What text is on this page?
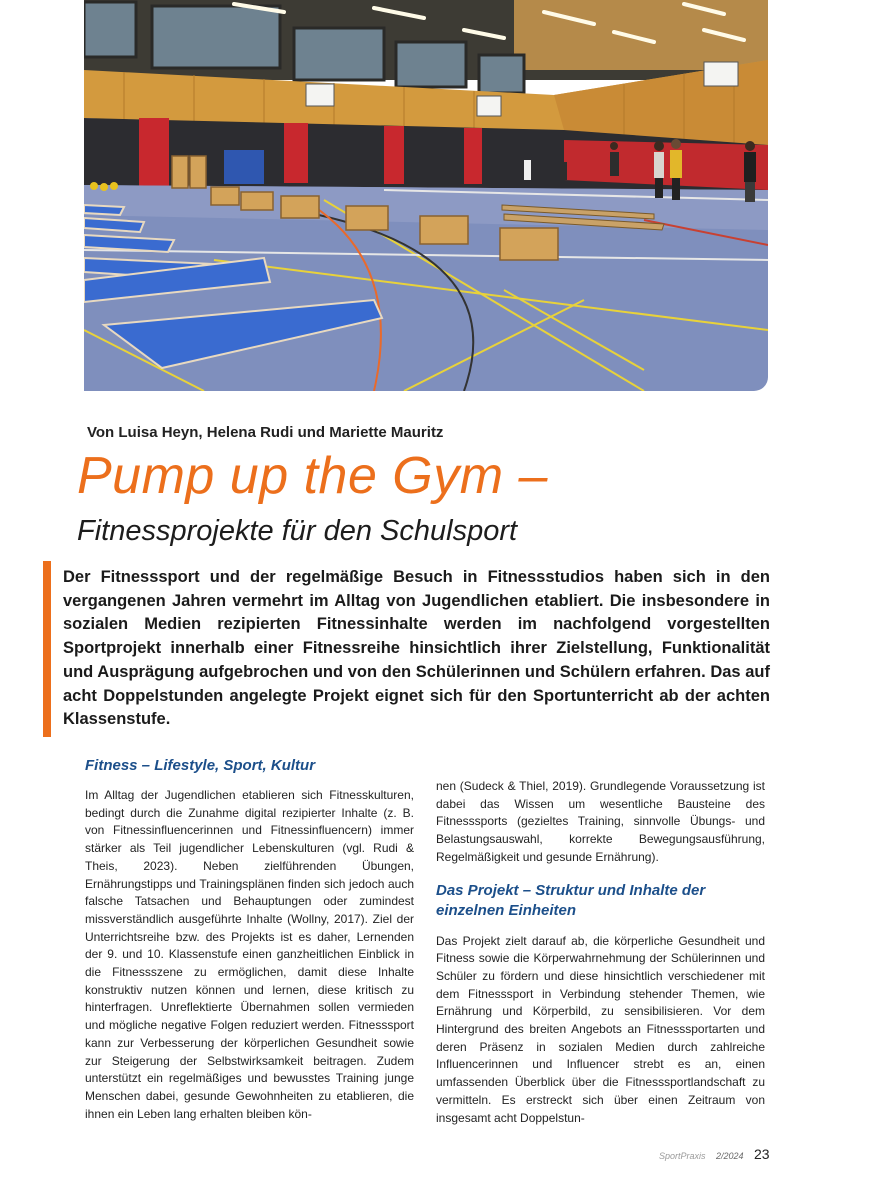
Von Luisa Heyn, Helena Rudi und Mariette Mauritz
Pump up the Gym –
Fitnessprojekte für den Schulsport

Der Fitnesssport und der regelmäßige Besuch in Fitnessstudios haben sich in den vergangenen Jahren vermehrt im Alltag von Jugendlichen etabliert. Die insbesondere in sozialen Medien rezipierten Fitnessinhalte werden im nachfolgend vorgestellten Sportprojekt innerhalb einer Fitnessreihe hinsichtlich ihrer Zielstellung, Funktionalität und Ausprägung aufgebrochen und von den Schülerinnen und Schülern erfahren. Das auf acht Doppelstunden angelegte Projekt eignet sich für den Sportunterricht ab der achten Klassenstufe.

Fitness – Lifestyle, Sport, Kultur

Im Alltag der Jugendlichen etablieren sich Fitnesskulturen, bedingt durch die Zunahme digital rezipierter Inhalte (z. B. von Fitnessinfluencerinnen und Fitnessinfluencern) immer stärker als Teil jugendlicher Lebenskulturen (vgl. Rudi & Theis, 2023). Neben zielführenden Übungen, Ernährungstipps und Trainingsplänen finden sich jedoch auch falsche Tatsachen und Behauptungen oder zumindest missverständlich ausgeführte Inhalte (Wollny, 2017). Ziel der Unterrichtsreihe bzw. des Projekts ist es daher, Lernenden der 9. und 10. Klassenstufe einen ganzheitlichen Einblick in die Fitnessszene zu ermöglichen, damit diese Inhalte konstruktiv nutzen können und lernen, diese kritisch zu hinterfragen. Unreflektierte Übernahmen sollen vermieden und mögliche negative Folgen reduziert werden. Fitnesssport kann zur Verbesserung der körperlichen Gesundheit sowie zur Steigerung der Selbstwirksamkeit beitragen. Zudem unterstützt ein regelmäßiges und bewusstes Training junge Menschen dabei, gesunde Gewohnheiten zu etablieren, die ihnen ein Leben lang erhalten bleiben kön-

nen (Sudeck & Thiel, 2019). Grundlegende Voraussetzung ist dabei das Wissen um wesentliche Bausteine des Fitnesssports (gezieltes Training, sinnvolle Übungs- und Belastungsauswahl, korrekte Bewegungsausführung, Regelmäßigkeit und gesunde Ernährung).

Das Projekt – Struktur und Inhalte der einzelnen Einheiten

Das Projekt zielt darauf ab, die körperliche Gesundheit und Fitness sowie die Körperwahrnehmung der Schülerinnen und Schüler zu fördern und diese hinsichtlich verschiedener mit dem Fitnesssport in Verbindung stehender Themen, wie Ernährung und Körperbild, zu sensibilisieren. Vor dem Hintergrund des breiten Angebots an Fitnesssportarten und deren Präsenz in sozialen Medien durch zahlreiche Influencerinnen und Influencer strebt es an, einen umfassenden Überblick über die Fitnesssportlandschaft zu vermitteln. Es erstreckt sich über einen Zeitraum von insgesamt acht Doppelstun-

SportPraxis 2/2024 23
